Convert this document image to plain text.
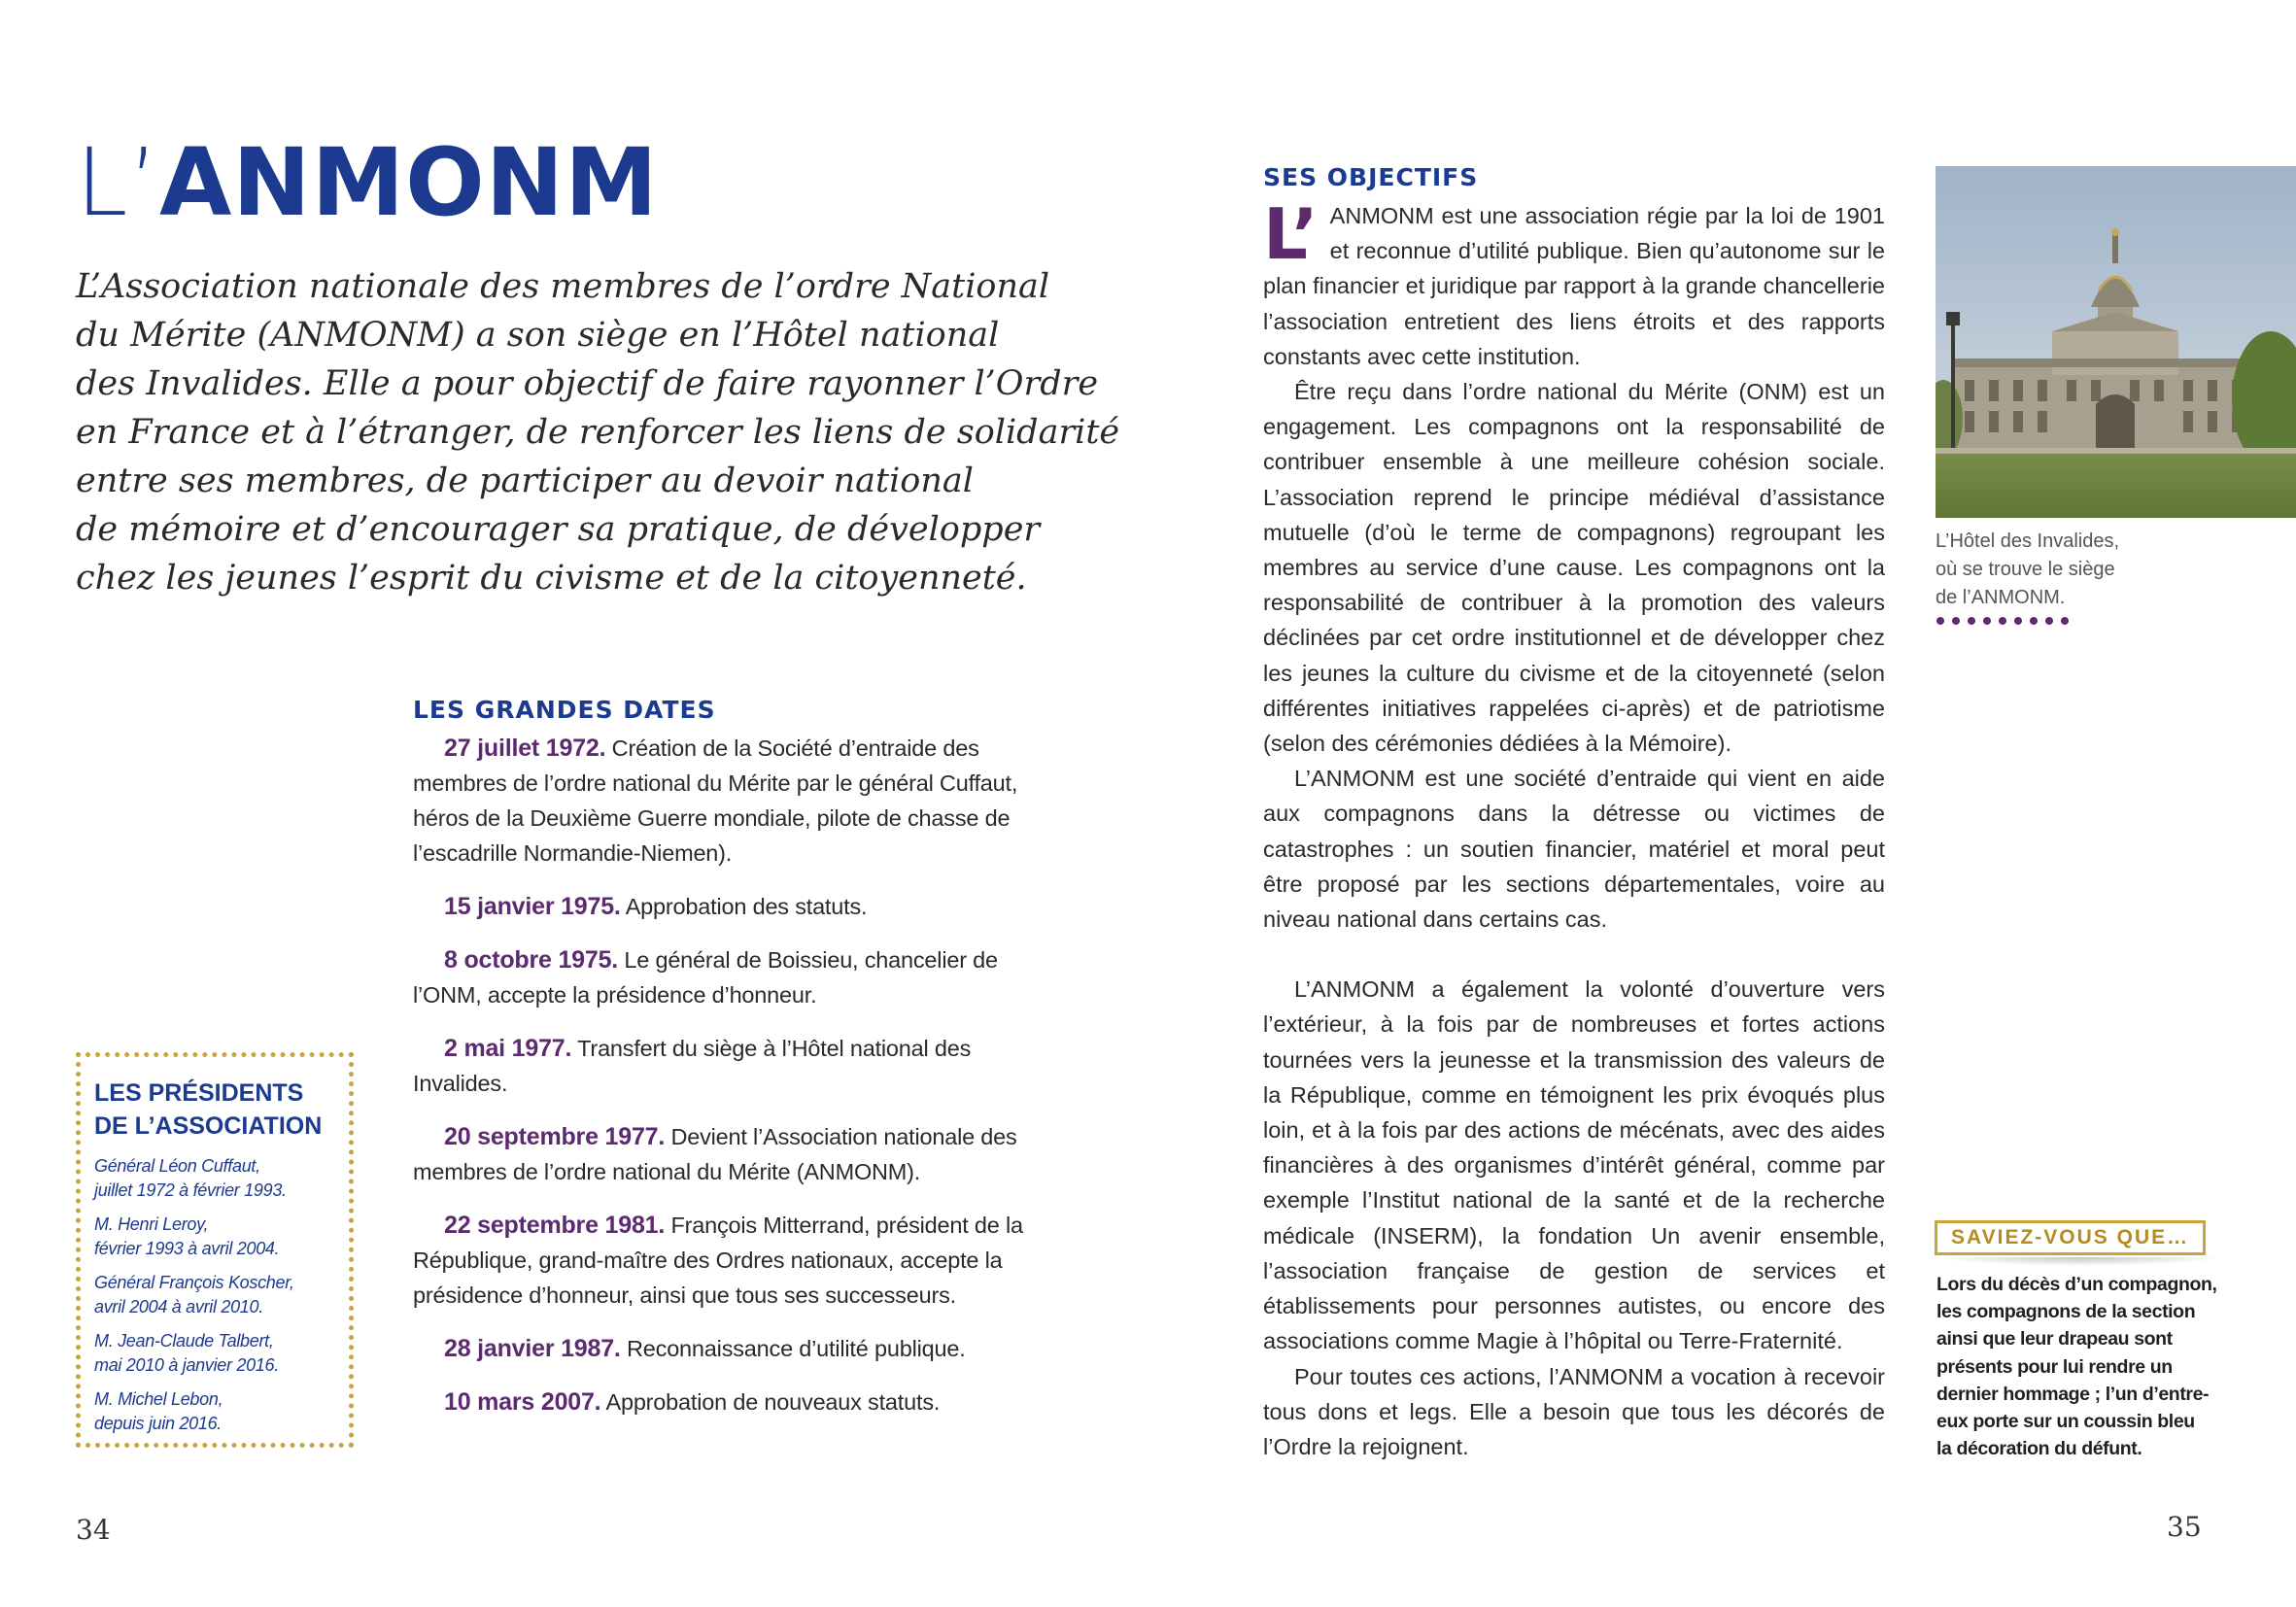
L’ANMONM
L’Association nationale des membres de l’ordre National
du Mérite (ANMONM) a son siège en l’Hôtel national
des Invalides. Elle a pour objectif de faire rayonner l’Ordre
en France et à l’étranger, de renforcer les liens de solidarité
entre ses membres, de participer au devoir national
de mémoire et d’encourager sa pratique, de développer
chez les jeunes l’esprit du civisme et de la citoyenneté.
LES GRANDES DATES

27 juillet 1972. Création de la Société d’entraide des membres de l’ordre national du Mérite par le général Cuffaut, héros de la Deuxième Guerre mondiale, pilote de chasse de l’escadrille Normandie-Niemen).

15 janvier 1975. Approbation des statuts.

8 octobre 1975. Le général de Boissieu, chancelier de l’ONM, accepte la présidence d’honneur.

2 mai 1977. Transfert du siège à l’Hôtel national des Invalides.

20 septembre 1977. Devient l’Association nationale des membres de l’ordre national du Mérite (ANMONM).

22 septembre 1981. François Mitterrand, président de la République, grand-maître des Ordres nationaux, accepte la présidence d’honneur, ainsi que tous ses successeurs.

28 janvier 1987. Reconnaissance d’utilité publique.

10 mars 2007. Approbation de nouveaux statuts.

LES PRÉSIDENTS
DE L’ASSOCIATION

Général Léon Cuffaut,
juillet 1972 à février 1993.

M. Henri Leroy,
février 1993 à avril 2004.

Général François Koscher,
avril 2004 à avril 2010.

M. Jean-Claude Talbert,
mai 2010 à janvier 2016.

M. Michel Lebon,
depuis juin 2016.

34
SES OBJECTIFS

L’ ANMONM est une association régie par la loi de 1901 et reconnue d’utilité publique. Bien qu’autonome sur le plan financier et juridique par rapport à la grande chancellerie l’association entretient des liens étroits et des rapports constants avec cette institution.

Être reçu dans l’ordre national du Mérite (ONM) est un engagement. Les compagnons ont la responsabilité de contribuer ensemble à une meilleure cohésion sociale. L’association reprend le principe médiéval d’assistance mutuelle (d’où le terme de compagnons) regroupant les membres au service d’une cause. Les compagnons ont la responsabilité de contribuer à la promotion des valeurs déclinées par cet ordre institutionnel et de développer chez les jeunes la culture du civisme et de la citoyenneté (selon différentes initiatives rappelées ci-après) et de patriotisme (selon des cérémonies dédiées à la Mémoire).

L’ANMONM est une société d’entraide qui vient en aide aux compagnons dans la détresse ou victimes de catastrophes : un soutien financier, matériel et moral peut être proposé par les sections départementales, voire au niveau national dans certains cas.

L’ANMONM a également la volonté d’ouverture vers l’extérieur, à la fois par de nombreuses et fortes actions tournées vers la jeunesse et la transmission des valeurs de la République, comme en témoignent les prix évoqués plus loin, et à la fois par des actions de mécénats, avec des aides financières à des organismes d’intérêt général, comme par exemple l’Institut national de la santé et de la recherche médicale (INSERM), la fondation Un avenir ensemble, l’association française de gestion de services et établissements pour personnes autistes, ou encore des associations comme Magie à l’hôpital ou Terre-Fraternité.

Pour toutes ces actions, l’ANMONM a vocation à recevoir tous dons et legs. Elle a besoin que tous les décorés de l’Ordre la rejoignent.

L’Hôtel des Invalides,
où se trouve le siège
de l’ANMONM.
SAVIEZ-VOUS QUE…
Lors du décès d’un compagnon,
les compagnons de la section
ainsi que leur drapeau sont
présents pour lui rendre un
dernier hommage ; l’un d’entre-
eux porte sur un coussin bleu
la décoration du défunt.
35
